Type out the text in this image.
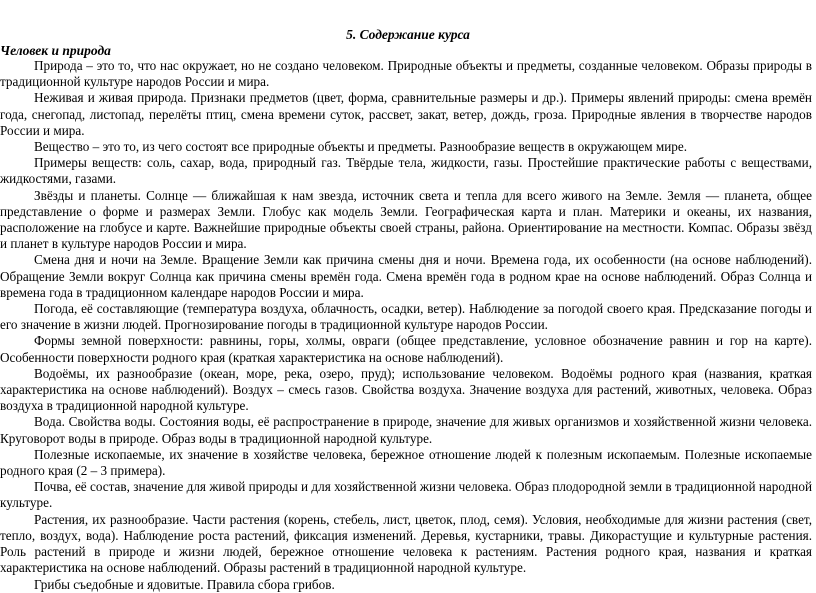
5. Содержание курса
Человек и природа

Природа – это то, что нас окружает, но не создано человеком. Природные объекты и предметы, созданные человеком. Образы природы в традиционной культуре народов России и мира.

Неживая и живая природа. Признаки предметов (цвет, форма, сравнительные размеры и др.). Примеры явлений природы: смена времён года, снегопад, листопад, перелёты птиц, смена времени суток, рассвет, закат, ветер, дождь, гроза. Природные явления в творчестве народов России и мира.

Вещество – это то, из чего состоят все природные объекты и предметы. Разнообразие веществ в окружающем мире.

Примеры веществ: соль, сахар, вода, природный газ. Твёрдые тела, жидкости, газы. Простейшие практические работы с веществами, жидкостями, газами.

Звёзды и планеты. Солнце — ближайшая к нам звезда, источник света и тепла для всего живого на Земле. Земля — планета, общее представление о форме и размерах Земли. Глобус как модель Земли. Географическая карта и план. Материки и океаны, их названия, расположение на глобусе и карте. Важнейшие природные объекты своей страны, района. Ориентирование на местности. Компас. Образы звёзд и планет в культуре народов России и мира.

Смена дня и ночи на Земле. Вращение Земли как причина смены дня и ночи. Времена года, их особенности (на основе наблюдений). Обращение Земли вокруг Солнца как причина смены времён года. Смена времён года в родном крае на основе наблюдений. Образ Солнца и времена года в традиционном календаре народов России и мира.

Погода, её составляющие (температура воздуха, облачность, осадки, ветер). Наблюдение за погодой своего края. Предсказание погоды и его значение в жизни людей. Прогнозирование погоды в традиционной культуре народов России.

Формы земной поверхности: равнины, горы, холмы, овраги (общее представление, условное обозначение равнин и гор на карте). Особенности поверхности родного края (краткая характеристика на основе наблюдений).

Водоёмы, их разнообразие (океан, море, река, озеро, пруд); использование человеком. Водоёмы родного края (названия, краткая характеристика на основе наблюдений). Воздух – смесь газов. Свойства воздуха. Значение воздуха для растений, животных, человека. Образ воздуха в традиционной народной культуре.

Вода. Свойства воды. Состояния воды, её распространение в природе, значение для живых организмов и хозяйственной жизни человека. Круговорот воды в природе. Образ воды в традиционной народной культуре.

Полезные ископаемые, их значение в хозяйстве человека, бережное отношение людей к полезным ископаемым. Полезные ископаемые родного края (2 – 3 примера).

Почва, её состав, значение для живой природы и для хозяйственной жизни человека. Образ плодородной земли в традиционной народной культуре.

Растения, их разнообразие. Части растения (корень, стебель, лист, цветок, плод, семя). Условия, необходимые для жизни растения (свет, тепло, воздух, вода). Наблюдение роста растений, фиксация изменений. Деревья, кустарники, травы. Дикорастущие и культурные растения. Роль растений в природе и жизни людей, бережное отношение человека к растениям. Растения родного края, названия и краткая характеристика на основе наблюдений. Образы растений в традиционной народной культуре.

Грибы съедобные и ядовитые. Правила сбора грибов.
